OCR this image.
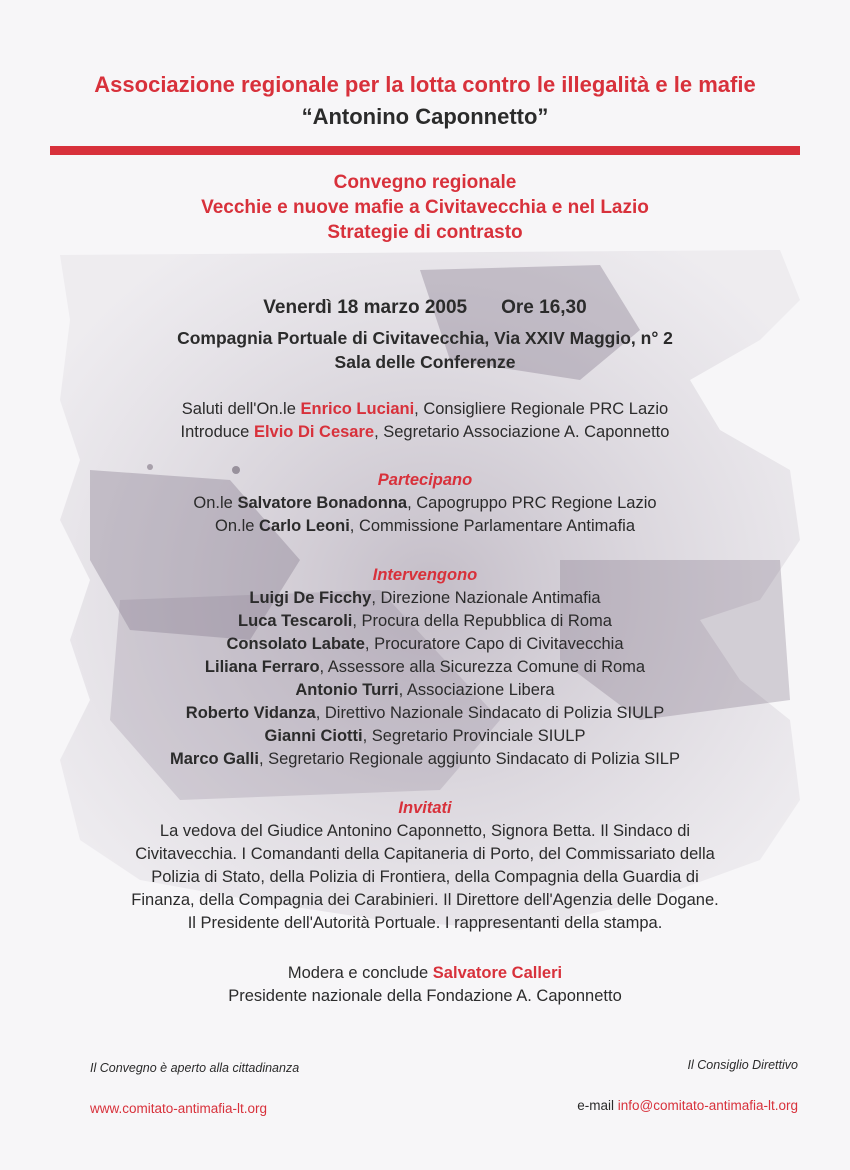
Associazione regionale per la lotta contro le illegalità e le mafie
“Antonino Caponnetto”
Convegno regionale
Vecchie e nuove mafie a Civitavecchia e nel Lazio
Strategie di contrasto
Venerdì 18 marzo 2005 Ore 16,30
Compagnia Portuale di Civitavecchia, Via XXIV Maggio, n° 2
Sala delle Conferenze
Saluti dell'On.le Enrico Luciani, Consigliere Regionale PRC Lazio
Introduce Elvio Di Cesare, Segretario Associazione A. Caponnetto
Partecipano
On.le Salvatore Bonadonna, Capogruppo PRC Regione Lazio
On.le Carlo Leoni, Commissione Parlamentare Antimafia
Intervengono
Luigi De Ficchy, Direzione Nazionale Antimafia
Luca Tescaroli, Procura della Repubblica di Roma
Consolato Labate, Procuratore Capo di Civitavecchia
Liliana Ferraro, Assessore alla Sicurezza Comune di Roma
Antonio Turri, Associazione Libera
Roberto Vidanza, Direttivo Nazionale Sindacato di Polizia SIULP
Gianni Ciotti, Segretario Provinciale SIULP
Marco Galli, Segretario Regionale aggiunto Sindacato di Polizia SILP
Invitati
La vedova del Giudice Antonino Caponnetto, Signora Betta. Il Sindaco di
Civitavecchia. I Comandanti della Capitaneria di Porto, del Commissariato della
Polizia di Stato, della Polizia di Frontiera, della Compagnia della Guardia di
Finanza, della Compagnia dei Carabinieri. Il Direttore dell'Agenzia delle Dogane.
Il Presidente dell'Autorità Portuale. I rappresentanti della stampa.
Modera e conclude Salvatore Calleri
Presidente nazionale della Fondazione A. Caponnetto
Il Convegno è aperto alla cittadinanza	Il Consiglio Direttivo
www.comitato-antimafia-lt.org	e-mail info@comitato-antimafia-lt.org
